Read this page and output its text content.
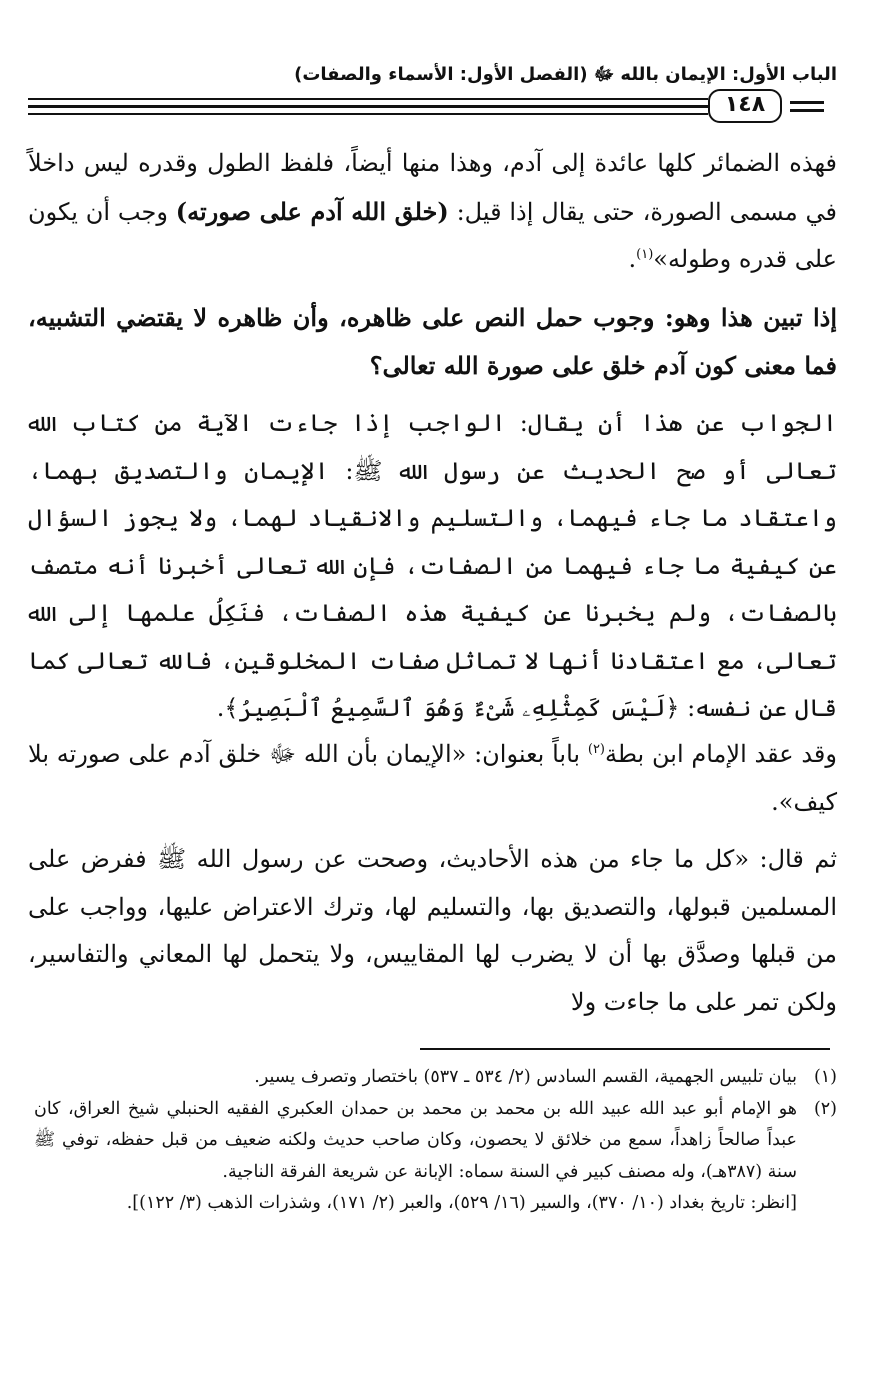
الباب الأول: الإيمان بالله ﷻ (الفصل الأول: الأسماء والصفات)
١٤٨

فهذه الضمائر كلها عائدة إلى آدم، وهذا منها أيضاً، فلفظ الطول وقدره ليس داخلاً في مسمى الصورة، حتى يقال إذا قيل: (خلق الله آدم على صورته) وجب أن يكون على قدره وطوله»$^{(١)}$.

إذا تبين هذا وهو: وجوب حمل النص على ظاهره، وأن ظاهره لا يقتضي التشبيه، فما معنى كون آدم خلق على صورة الله تعالى؟

الجواب عن هذا أن يقال: الواجب إذا جاءت الآية من كتاب الله تعالى أو صح الحديث عن رسول الله ﷺ: الإيمان والتصديق بهما، واعتقاد ما جاء فيهما، والتسليم والانقياد لهما، ولا يجوز السؤال عن كيفية ما جاء فيهما من الصفات، فإن الله تعالى أخبرنا أنه متصف بالصفات، ولم يخبرنا عن كيفية هذه الصفات، فنَكِلُ علمها إلى الله تعالى، مع اعتقادنا أنها لا تماثل صفات المخلوقين، فالله تعالى كما قال عن نفسه: ﴿لَيْسَ كَمِثْلِهِۦ شَىْءٌ وَهُوَ ٱلسَّمِيعُ ٱلْبَصِيرُ﴾.

وقد عقد الإمام ابن بطة$^{(٢)}$ باباً بعنوان: «الإيمان بأن الله ﷻ خلق آدم على صورته بلا كيف».

ثم قال: «كل ما جاء من هذه الأحاديث، وصحت عن رسول الله ﷺ ففرض على المسلمين قبولها، والتصديق بها، والتسليم لها، وترك الاعتراض عليها، وواجب على من قبلها وصدَّق بها أن لا يضرب لها المقاييس، ولا يتحمل لها المعاني والتفاسير، ولكن تمر على ما جاءت ولا

(١)
بيان تلبيس الجهمية، القسم السادس (٢/ ٥٣٤ ـ ٥٣٧) باختصار وتصرف يسير.
(٢)
هو الإمام أبو عبد الله عبيد الله بن محمد بن محمد بن حمدان العكبري الفقيه الحنبلي شيخ العراق، كان عبداً صالحاً زاهداً، سمع من خلائق لا يحصون، وكان صاحب حديث ولكنه ضعيف من قبل حفظه، توفي ﷺ سنة (٣٨٧هـ)، وله مصنف كبير في السنة سماه: الإبانة عن شريعة الفرقة الناجية.
[انظر: تاريخ بغداد (١٠/ ٣٧٠)، والسير (١٦/ ٥٢٩)، والعبر (٢/ ١٧١)، وشذرات الذهب (٣/ ١٢٢)].
